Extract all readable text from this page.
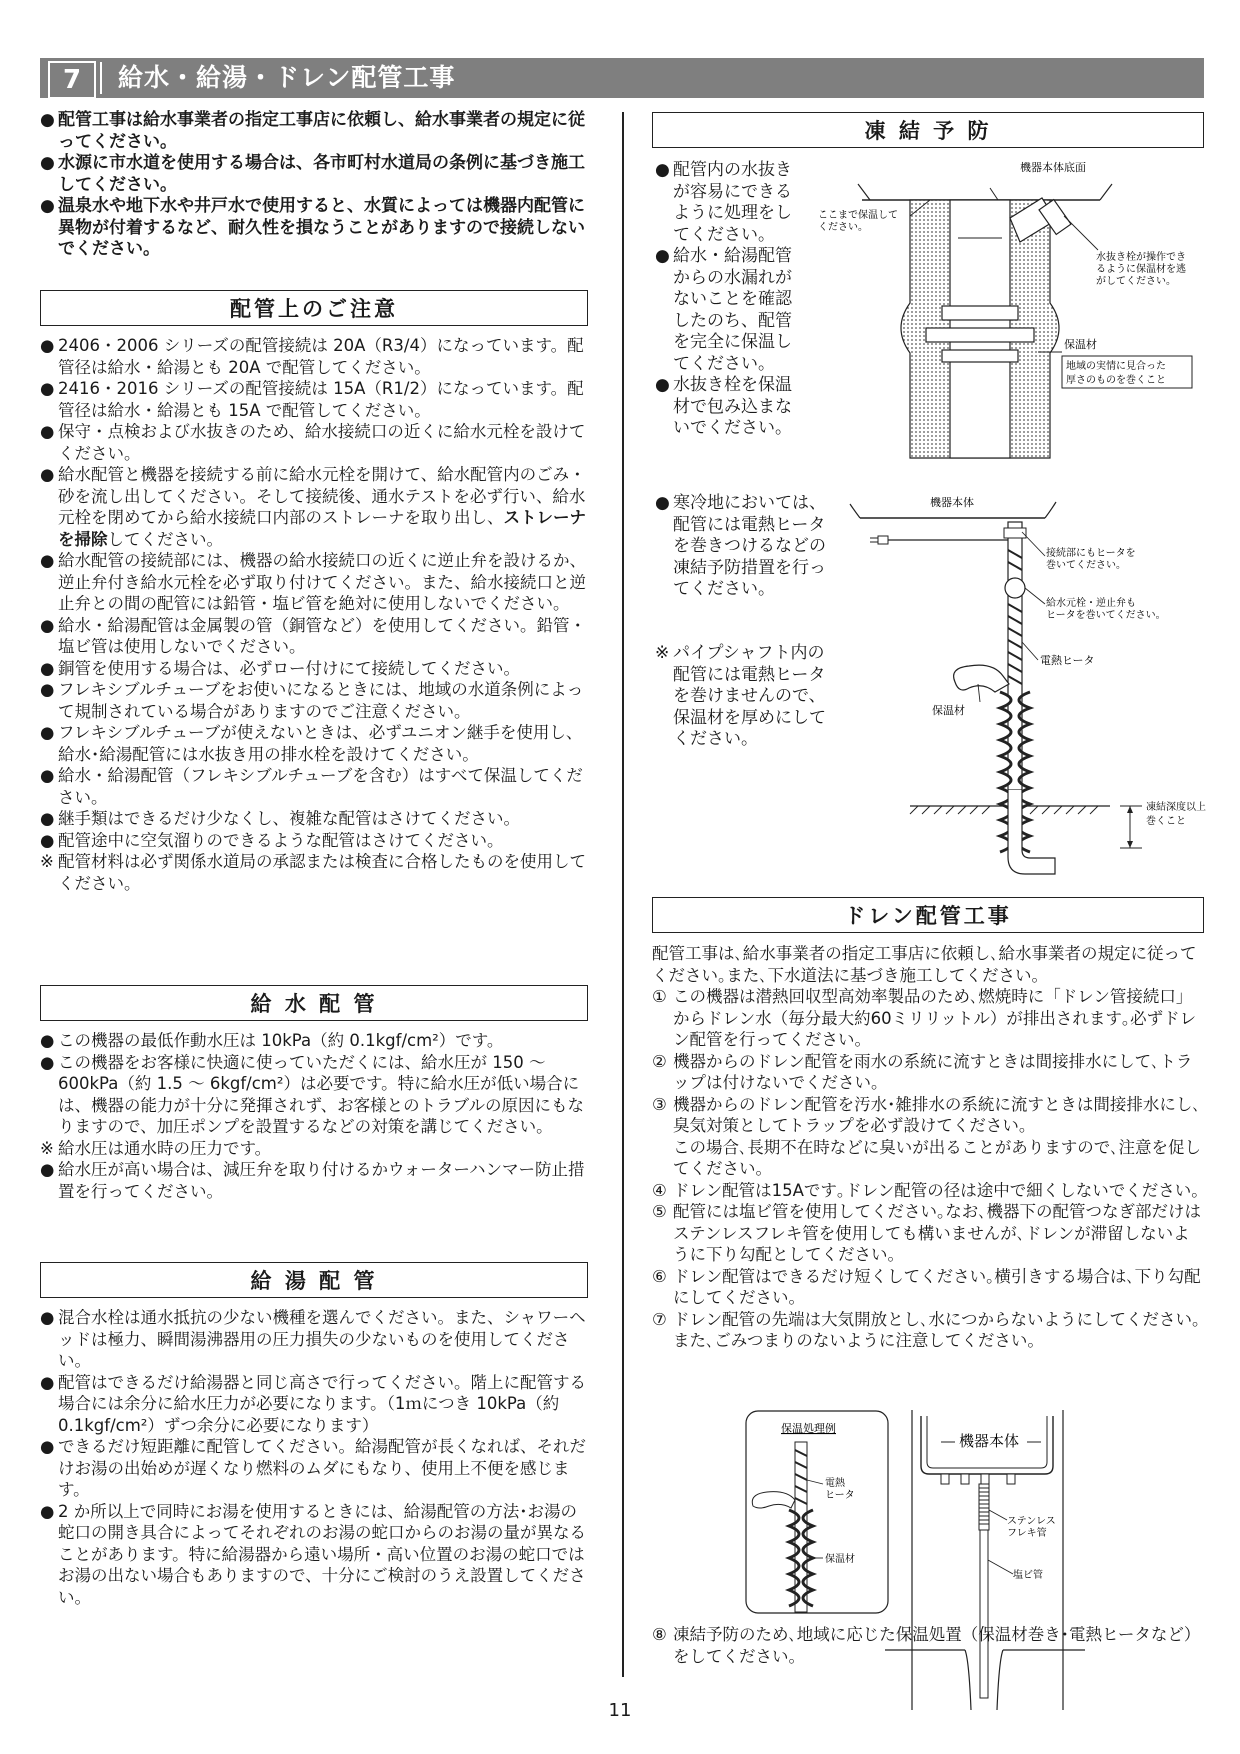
7	給水・給湯・ドレン配管工事
● 配管工事は給水事業者の指定工事店に依頼し、給水事業者の規定に従ってください。
● 水源に市水道を使用する場合は、各市町村水道局の条例に基づき施工してください。
● 温泉水や地下水や井戸水で使用すると、水質によっては機器内配管に異物が付着するなど、耐久性を損なうことがありますので接続しないでください。
配管上のご注意
● 2406・2006 シリーズの配管接続は 20A（R3/4）になっています。配管径は給水・給湯とも 20A で配管してください。
● 2416・2016 シリーズの配管接続は 15A（R1/2）になっています。配管径は給水・給湯とも 15A で配管してください。
● 保守・点検および水抜きのため、給水接続口の近くに給水元栓を設けてください。
● 給水配管と機器を接続する前に給水元栓を開けて、給水配管内のごみ・砂を流し出してください。そして接続後、通水テストを必ず行い、給水元栓を閉めてから給水接続口内部のストレーナを取り出し、ストレーナを掃除してください。
● 給水配管の接続部には、機器の給水接続口の近くに逆止弁を設けるか、逆止弁付き給水元栓を必ず取り付けてください。また、給水接続口と逆止弁との間の配管には鉛管・塩ビ管を絶対に使用しないでください。
● 給水・給湯配管は金属製の管（銅管など）を使用してください。鉛管・塩ビ管は使用しないでください。
● 銅管を使用する場合は、必ずロー付けにて接続してください。
● フレキシブルチューブをお使いになるときには、地域の水道条例によって規制されている場合がありますのでご注意ください。
● フレキシブルチューブが使えないときは、必ずユニオン継手を使用し、給水･給湯配管には水抜き用の排水栓を設けてください。
● 給水・給湯配管（フレキシブルチューブを含む）はすべて保温してください。
● 継手類はできるだけ少なくし、複雑な配管はさけてください。
● 配管途中に空気溜りのできるような配管はさけてください。
※ 配管材料は必ず関係水道局の承認または検査に合格したものを使用してください。
給 水 配 管
● この機器の最低作動水圧は 10kPa（約 0.1kgf/cm²）です。
● この機器をお客様に快適に使っていただくには、給水圧が 150 ～ 600kPa（約 1.5 ～ 6kgf/cm²）は必要です。特に給水圧が低い場合には、機器の能力が十分に発揮されず、お客様とのトラブルの原因にもなりますので、加圧ポンプを設置するなどの対策を講じてください。
※ 給水圧は通水時の圧力です。
● 給水圧が高い場合は、減圧弁を取り付けるかウォーターハンマー防止措置を行ってください。
給 湯 配 管
● 混合水栓は通水抵抗の少ない機種を選んでください。また、シャワーヘッドは極力、瞬間湯沸器用の圧力損失の少ないものを使用してください。
● 配管はできるだけ給湯器と同じ高さで行ってください。階上に配管する場合には余分に給水圧力が必要になります。（1ｍにつき 10kPa（約 0.1kgf/cm²）ずつ余分に必要になります）
● できるだけ短距離に配管してください。給湯配管が長くなれば、それだけお湯の出始めが遅くなり燃料のムダにもなり、使用上不便を感じます。
● 2 か所以上で同時にお湯を使用するときには、給湯配管の方法･お湯の蛇口の開き具合によってそれぞれのお湯の蛇口からのお湯の量が異なることがあります。特に給湯器から遠い場所・高い位置のお湯の蛇口ではお湯の出ない場合もありますので、十分にご検討のうえ設置してください。
凍 結 予 防
● 配管内の水抜き
が容易にできる
ように処理をし
てください。
● 給水・給湯配管
からの水漏れが
ないことを確認
したのち、配管
を完全に保温し
てください。
● 水抜き栓を保温
材で包み込まな
いでください。
● 寒冷地においては、
配管には電熱ヒータ
を巻きつけるなどの
凍結予防措置を行っ
てください。
※ パイプシャフト内の
配管には電熱ヒータ
を巻けませんので、
保温材を厚めにして
ください。
機器本体底面
ここまで保温して
ください。
水抜き栓が操作でき
るように保温材を逃
がしてください。
保温材
地域の実情に見合った
厚さのものを巻くこと
機器本体
接続部にもヒータを
巻いてください。
給水元栓・逆止弁も
ヒータを巻いてください。
電熱ヒータ
保温材
凍結深度以上
巻くこと
ドレン配管工事
配管工事は､給水事業者の指定工事店に依頼し､給水事業者の規定に従ってください｡また､下水道法に基づき施工してください｡
① この機器は潜熱回収型高効率製品のため､燃焼時に「ドレン管接続口」からドレン水（毎分最大約60ミリリットル）が排出されます｡必ずドレン配管を行ってください｡
② 機器からのドレン配管を雨水の系統に流すときは間接排水にして､トラップは付けないでください｡
③ 機器からのドレン配管を汚水･雑排水の系統に流すときは間接排水にし､臭気対策としてトラップを必ず設けてください｡
この場合､長期不在時などに臭いが出ることがありますので､注意を促してください｡
④ ドレン配管は15Aです｡ドレン配管の径は途中で細くしないでください｡
⑤ 配管には塩ビ管を使用してください｡なお､機器下の配管つなぎ部だけはステンレスフレキ管を使用しても構いませんが､ドレンが滞留しないように下り勾配としてください｡
⑥ ドレン配管はできるだけ短くしてください｡横引きする場合は､下り勾配にしてください｡
⑦ ドレン配管の先端は大気開放とし､水につからないようにしてください｡また､ごみつまりのないように注意してください｡
保温処理例
電熱
ヒータ
保温材
機器本体
ステンレス
フレキ管
塩ビ管
⑧ 凍結予防のため､地域に応じた保温処置（保温材巻き･電熱ヒータなど）をしてください｡
11
